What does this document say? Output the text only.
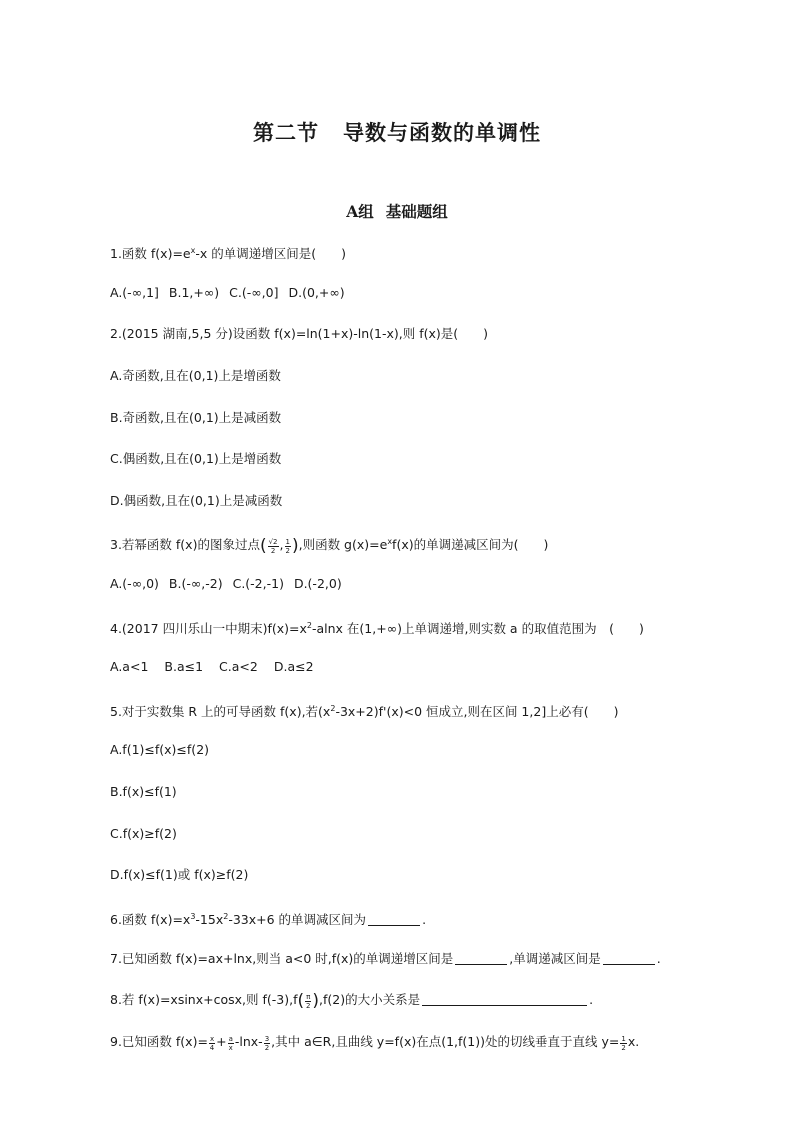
第二节 导数与函数的单调性
A组 基础题组
1.函数 $f(x)=e^x-x$ 的单调递增区间是(　　)
A.(-∞,1] B.1,+∞) C.(-∞,0] D.(0,+∞)
2.(2015 湖南,5,5 分)设函数 f(x)=ln(1+x)-ln(1-x),则 f(x)是(　　)
A.奇函数,且在(0,1)上是增函数
B.奇函数,且在(0,1)上是减函数
C.偶函数,且在(0,1)上是增函数
D.偶函数,且在(0,1)上是减函数
3.若幂函数 f(x)的图象过点( $\frac{√2}{2}$ , $\frac{1}{2}$ ),则函数 $g(x)=e^xf(x)$的单调递减区间为(　　)
A.(-∞,0) B.(-∞,-2) C.(-2,-1) D.(-2,0)
4.(2017 四川乐山一中期末)$f(x)=x^2$-alnx 在(1,+∞)上单调递增,则实数 a 的取值范围为　(　　)
A.a<1 B.a≤1 C.a<2 D.a≤2
5.对于实数集 R 上的可导函数 f(x),若$(x^2-3x+2)f'(x)<0$ 恒成立,则在区间 1,2]上必有(　　)
A.f(1)≤f(x)≤f(2)
B.f(x)≤f(1)
C.f(x)≥f(2)
D.f(x)≤f(1)或 f(x)≥f(2)
6.函数 $f(x)=x^3-15x^2-33x+6$ 的单调减区间为	.
7.已知函数 f(x)=ax+lnx,则当 a<0 时,f(x)的单调递增区间是	,单调递减区间是	.
8.若 f(x)=xsinx+cosx,则 $f(-3),f( \frac{\pi}{2} ),f(2)$的大小关系是	.
9.已知函数 $f(x)= \frac{x}{4} + \frac{a}{x} -\ln x- \frac{3}{2}$ ,其中 a∈R,且曲线 y=f(x)在点(1,f(1))处的切线垂直于直线 $y= \frac{1}{2} x$.
